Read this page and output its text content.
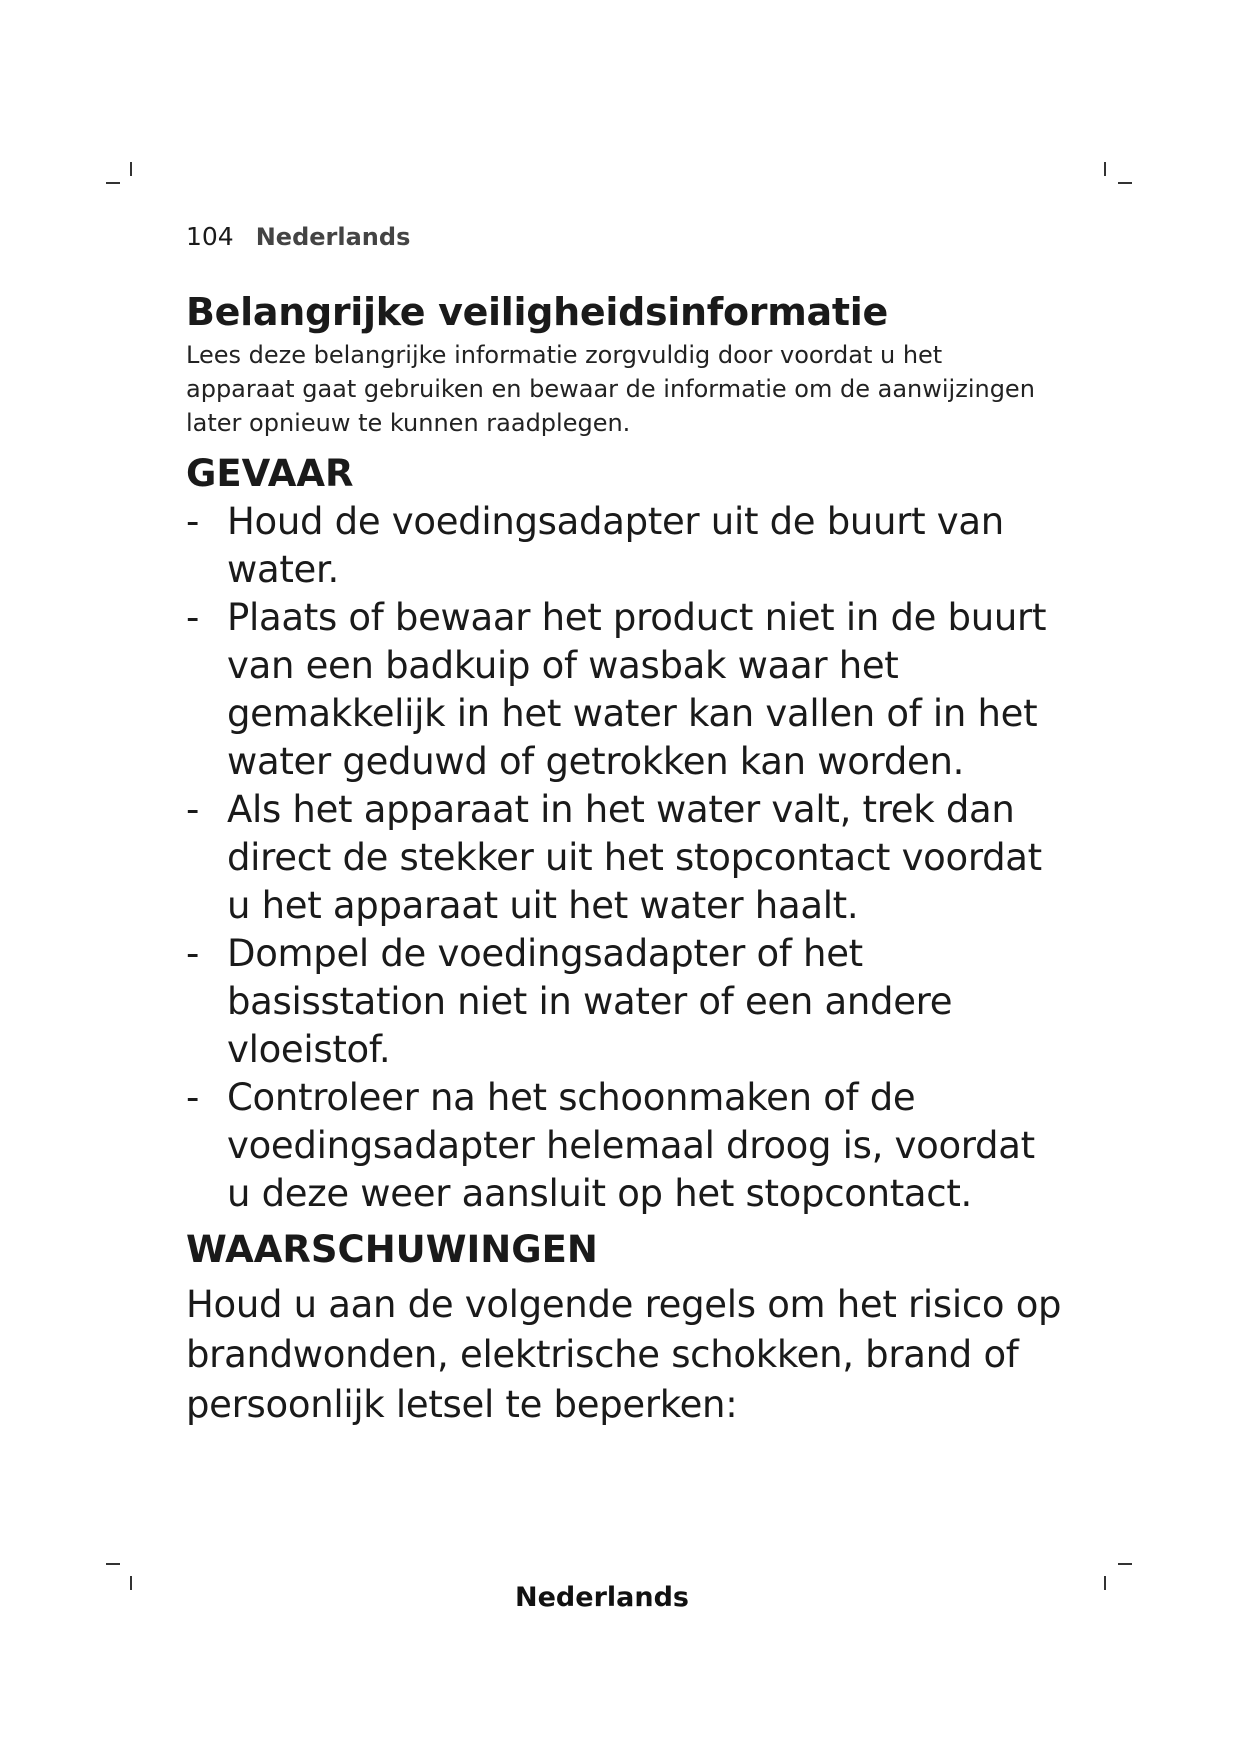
104 Nederlands
Belangrijke veiligheidsinformatie

Lees deze belangrijke informatie zorgvuldig door voordat u het apparaat gaat gebruiken en bewaar de informatie om de aanwijzingen later opnieuw te kunnen raadplegen.

GEVAAR
- Houd de voedingsadapter uit de buurt van water.
- Plaats of bewaar het product niet in de buurt van een badkuip of wasbak waar het gemakkelijk in het water kan vallen of in het water geduwd of getrokken kan worden.
- Als het apparaat in het water valt, trek dan direct de stekker uit het stopcontact voordat u het apparaat uit het water haalt.
- Dompel de voedingsadapter of het basisstation niet in water of een andere vloeistof.
- Controleer na het schoonmaken of de voedingsadapter helemaal droog is, voordat u deze weer aansluit op het stopcontact.
WAARSCHUWINGEN

Houd u aan de volgende regels om het risico op brandwonden, elektrische schokken, brand of persoonlijk letsel te beperken:

Nederlands
